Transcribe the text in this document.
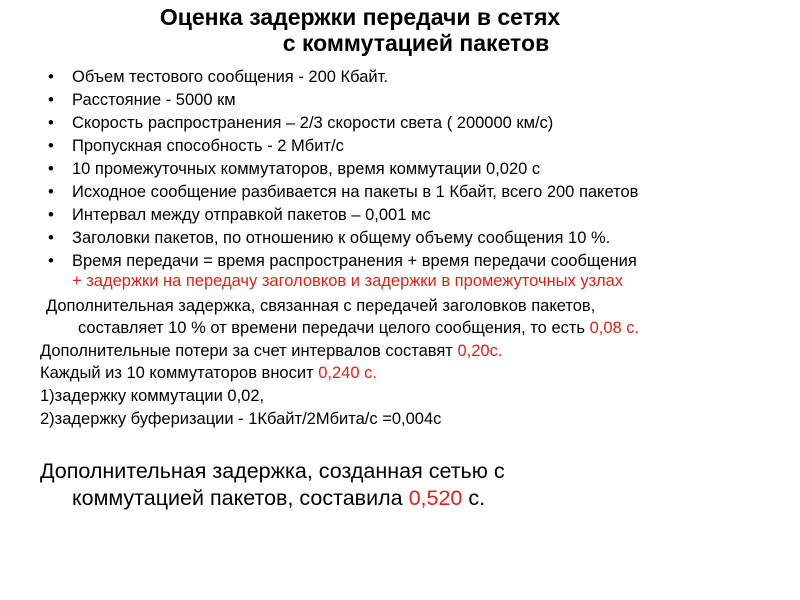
Оценка задержки передачи в сетях
с коммутацией пакетов
• Объем тестового сообщения - 200 Кбайт.
• Расстояние - 5000 км
• Скорость распространения – 2/3 скорости света ( 200000 км/с)
• Пропускная способность - 2 Мбит/с
• 10 промежуточных коммутаторов, время коммутации 0,020 с
• Исходное сообщение разбивается на пакеты в 1 Кбайт, всего 200 пакетов
• Интервал между отправкой пакетов – 0,001 мс
• Заголовки пакетов, по отношению к общему объему сообщения 10 %.
• Время передачи = время распространения + время передачи сообщения
+ задержки на передачу заголовков и задержки в промежуточных узлах
Дополнительная задержка, связанная с передачей заголовков пакетов,
составляет 10 % от времени передачи целого сообщения, то есть 0,08 с.
Дополнительные потери за счет интервалов составят 0,20с.
Каждый из 10 коммутаторов вносит 0,240 с.
1)задержку коммутации 0,02,
2)задержку буферизации - 1Кбайт/2Мбита/с =0,004с
Дополнительная задержка, созданная сетью с
коммутацией пакетов, составила 0,520 с.
